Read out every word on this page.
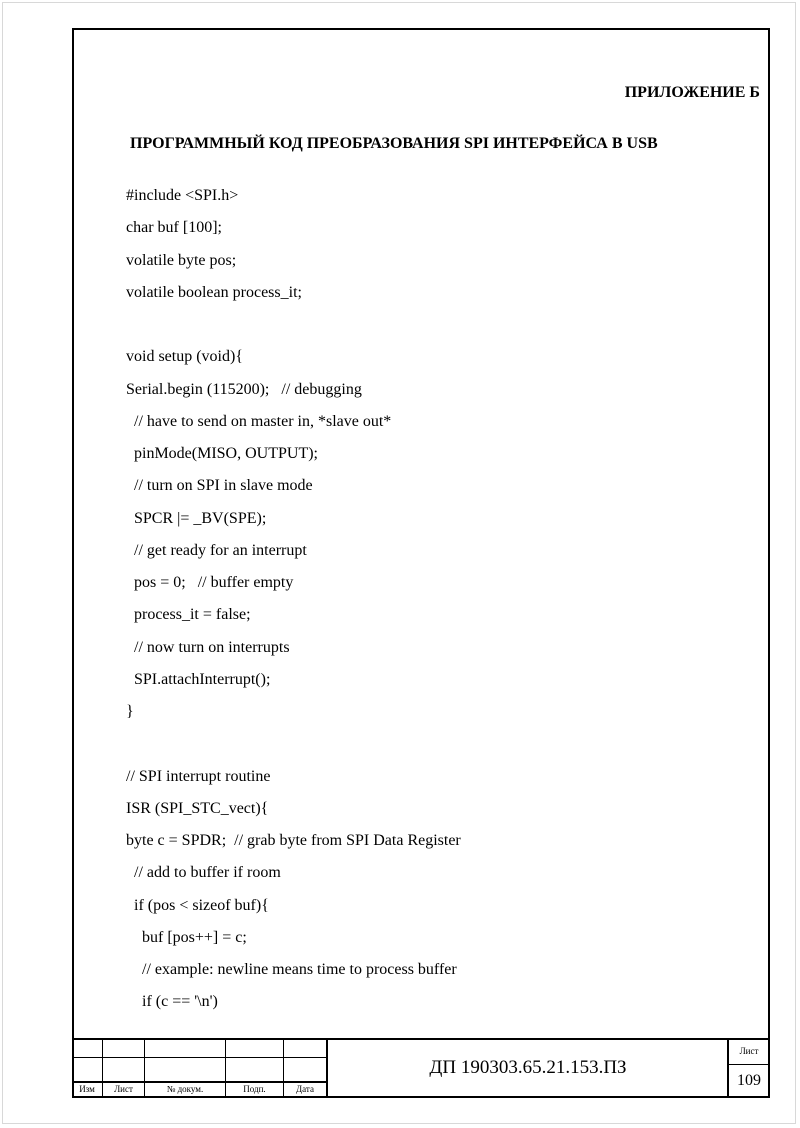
ПРИЛОЖЕНИЕ Б
ПРОГРАММНЫЙ КОД ПРЕОБРАЗОВАНИЯ SPI ИНТЕРФЕЙСА В USB
#include <SPI.h>
char buf [100];
volatile byte pos;
volatile boolean process_it;
void setup (void){
Serial.begin (115200);   // debugging
// have to send on master in, *slave out*
pinMode(MISO, OUTPUT);
// turn on SPI in slave mode
SPCR |= _BV(SPE);
// get ready for an interrupt
pos = 0;   // buffer empty
process_it = false;
// now turn on interrupts
SPI.attachInterrupt();
}
// SPI interrupt routine
ISR (SPI_STC_vect){
byte c = SPDR;  // grab byte from SPI Data Register
// add to buffer if room
if (pos < sizeof buf){
buf [pos++] = c;
// example: newline means time to process buffer
if (c == '\n')
Изм	Лист	№ докум.	Подп.	Дата
ДП 190303.65.21.153.ПЗ
Лист
109
